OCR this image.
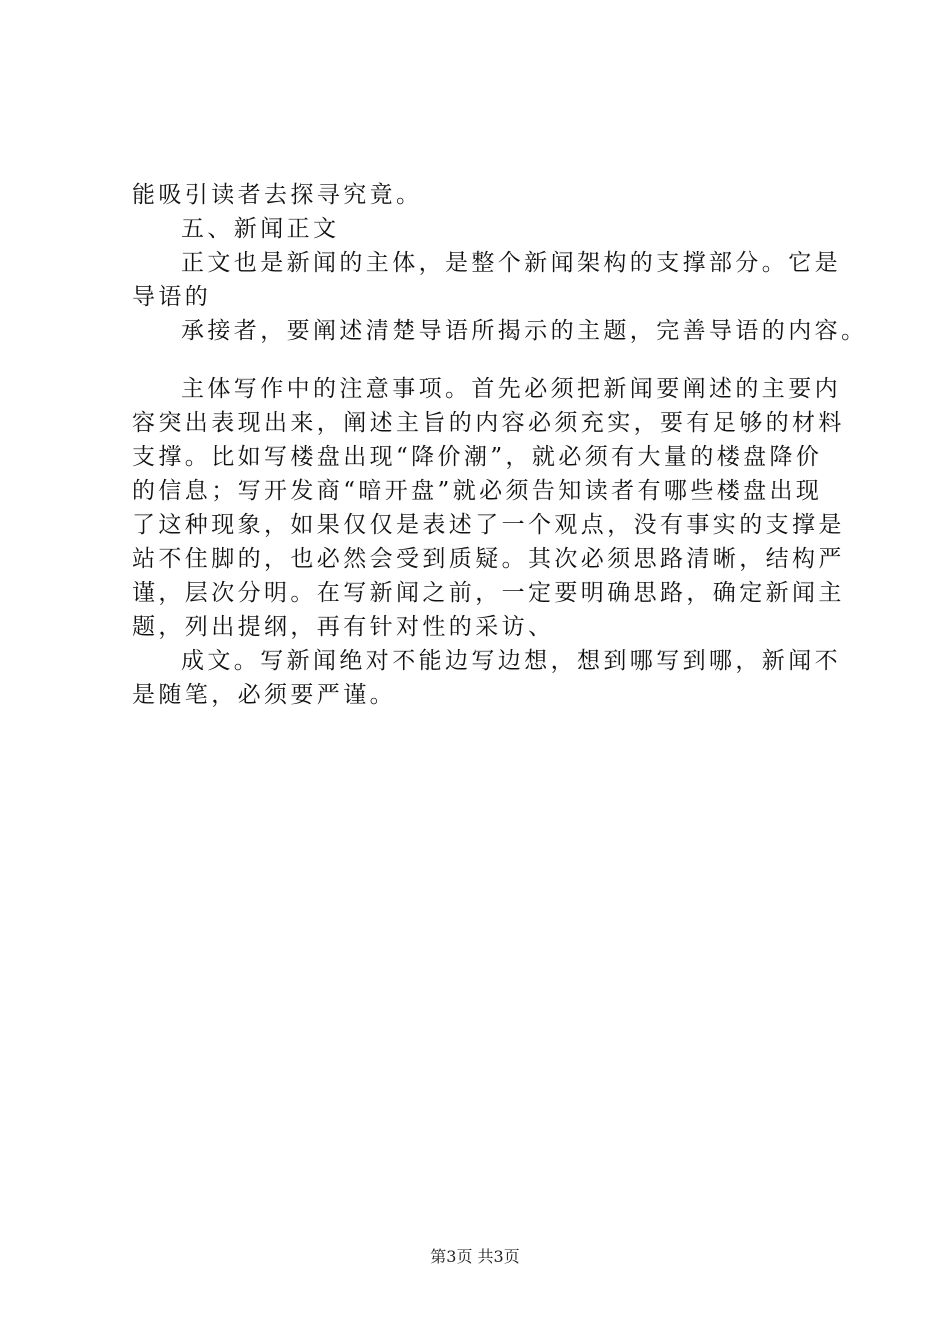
能吸引读者去探寻究竟。
五、新闻正文
正文也是新闻的主体，是整个新闻架构的支撑部分。它是
导语的
承接者，要阐述清楚导语所揭示的主题，完善导语的内容。
主体写作中的注意事项。首先必须把新闻要阐述的主要内
容突出表现出来，阐述主旨的内容必须充实，要有足够的材料
支撑。比如写楼盘出现“降价潮”，就必须有大量的楼盘降价
的信息；写开发商“暗开盘”就必须告知读者有哪些楼盘出现
了这种现象，如果仅仅是表述了一个观点，没有事实的支撑是
站不住脚的，也必然会受到质疑。其次必须思路清晰，结构严
谨，层次分明。在写新闻之前，一定要明确思路，确定新闻主
题，列出提纲，再有针对性的采访、
成文。写新闻绝对不能边写边想，想到哪写到哪，新闻不
是随笔，必须要严谨。
第3页 共3页
